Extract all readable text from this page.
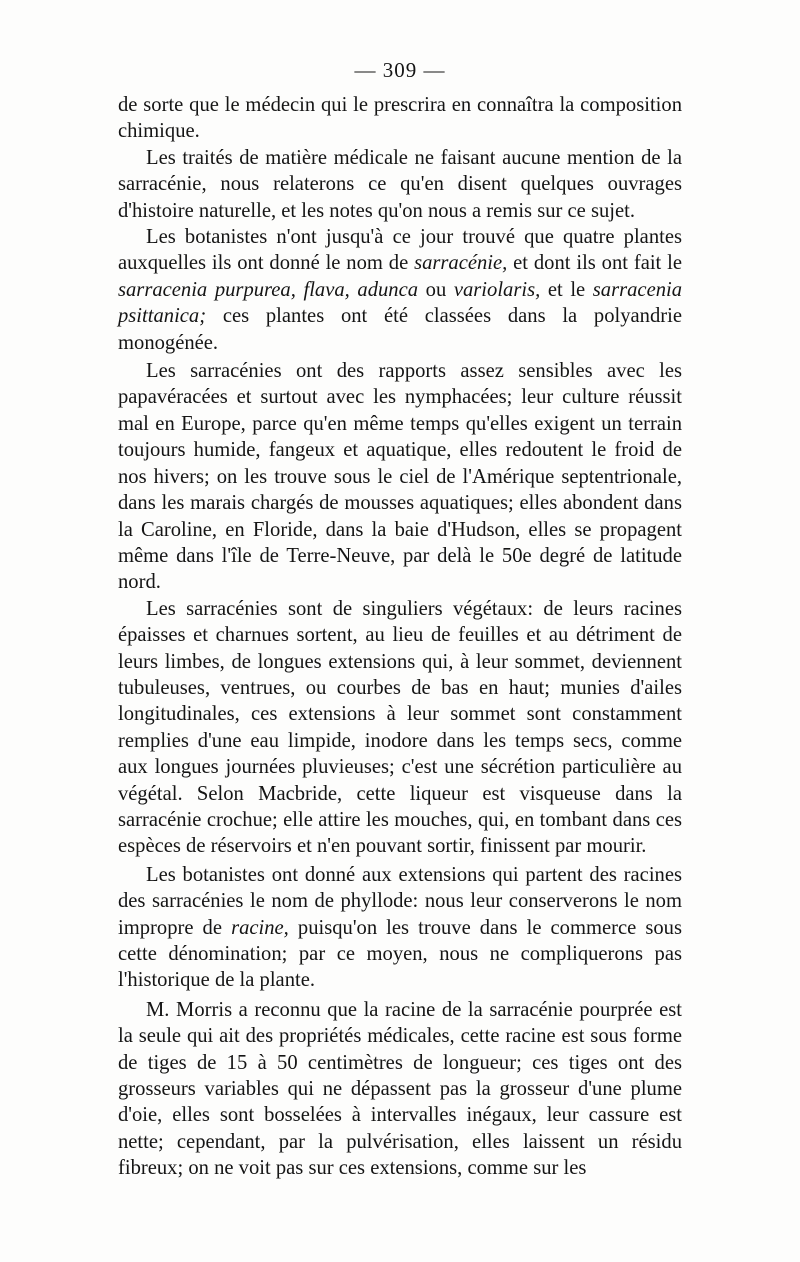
— 309 —

de sorte que le médecin qui le prescrira en connaîtra la composition chimique.

Les traités de matière médicale ne faisant aucune mention de la sarracénie, nous relaterons ce qu'en disent quelques ouvrages d'histoire naturelle, et les notes qu'on nous a remis sur ce sujet.

Les botanistes n'ont jusqu'à ce jour trouvé que quatre plantes auxquelles ils ont donné le nom de sarracénie, et dont ils ont fait le sarracenia purpurea, flava, adunca ou variolaris, et le sarracenia psittanica; ces plantes ont été classées dans la polyandrie monogénée.

Les sarracénies ont des rapports assez sensibles avec les papavéracées et surtout avec les nymphacées; leur culture réussit mal en Europe, parce qu'en même temps qu'elles exigent un terrain toujours humide, fangeux et aquatique, elles redoutent le froid de nos hivers; on les trouve sous le ciel de l'Amérique septentrionale, dans les marais chargés de mousses aquatiques; elles abondent dans la Caroline, en Floride, dans la baie d'Hudson, elles se propagent même dans l'île de Terre-Neuve, par delà le 50e degré de latitude nord.

Les sarracénies sont de singuliers végétaux: de leurs racines épaisses et charnues sortent, au lieu de feuilles et au détriment de leurs limbes, de longues extensions qui, à leur sommet, deviennent tubuleuses, ventrues, ou courbes de bas en haut; munies d'ailes longitudinales, ces extensions à leur sommet sont constamment remplies d'une eau limpide, inodore dans les temps secs, comme aux longues journées pluvieuses; c'est une sécrétion particulière au végétal. Selon Macbride, cette liqueur est visqueuse dans la sarracénie crochue; elle attire les mouches, qui, en tombant dans ces espèces de réservoirs et n'en pouvant sortir, finissent par mourir.

Les botanistes ont donné aux extensions qui partent des racines des sarracénies le nom de phyllode: nous leur conserverons le nom impropre de racine, puisqu'on les trouve dans le commerce sous cette dénomination; par ce moyen, nous ne compliquerons pas l'historique de la plante.

M. Morris a reconnu que la racine de la sarracénie pourprée est la seule qui ait des propriétés médicales, cette racine est sous forme de tiges de 15 à 50 centimètres de longueur; ces tiges ont des grosseurs variables qui ne dépassent pas la grosseur d'une plume d'oie, elles sont bosselées à intervalles inégaux, leur cassure est nette; cependant, par la pulvérisation, elles laissent un résidu fibreux; on ne voit pas sur ces extensions, comme sur les
